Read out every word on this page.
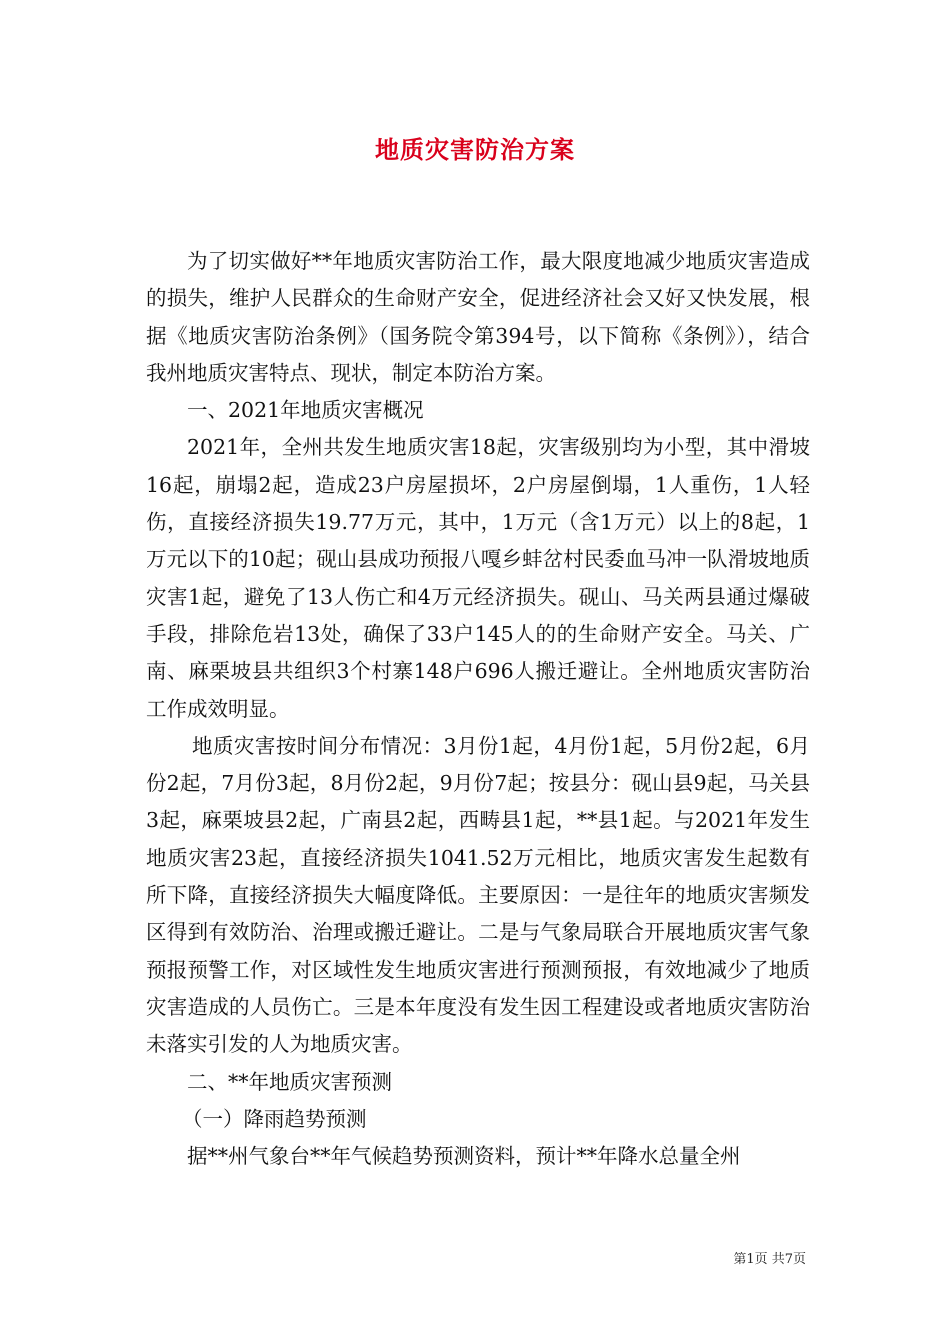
地质灾害防治方案

为了切实做好**年地质灾害防治工作，最大限度地减少地质灾害造成的损失，维护人民群众的生命财产安全，促进经济社会又好又快发展，根据《地质灾害防治条例》（国务院令第394号，以下简称《条例》），结合我州地质灾害特点、现状，制定本防治方案。

一、2021年地质灾害概况

2021年，全州共发生地质灾害18起，灾害级别均为小型，其中滑坡16起，崩塌2起，造成23户房屋损坏，2户房屋倒塌，1人重伤，1人轻伤，直接经济损失19.77万元，其中，1万元（含1万元）以上的8起，1万元以下的10起；砚山县成功预报八嘎乡蚌岔村民委血马冲一队滑坡地质灾害1起，避免了13人伤亡和4万元经济损失。砚山、马关两县通过爆破手段，排除危岩13处，确保了33户145人的的生命财产安全。马关、广南、麻栗坡县共组织3个村寨148户696人搬迁避让。全州地质灾害防治工作成效明显。

地质灾害按时间分布情况：3月份1起，4月份1起，5月份2起，6月份2起，7月份3起，8月份2起，9月份7起；按县分：砚山县9起，马关县3起，麻栗坡县2起，广南县2起，西畴县1起，**县1起。与2021年发生地质灾害23起，直接经济损失1041.52万元相比，地质灾害发生起数有所下降，直接经济损失大幅度降低。主要原因：一是往年的地质灾害频发区得到有效防治、治理或搬迁避让。二是与气象局联合开展地质灾害气象预报预警工作，对区域性发生地质灾害进行预测预报，有效地减少了地质灾害造成的人员伤亡。三是本年度没有发生因工程建设或者地质灾害防治未落实引发的人为地质灾害。

二、**年地质灾害预测

（一）降雨趋势预测

据**州气象台**年气候趋势预测资料，预计**年降水总量全州

第1页 共7页
